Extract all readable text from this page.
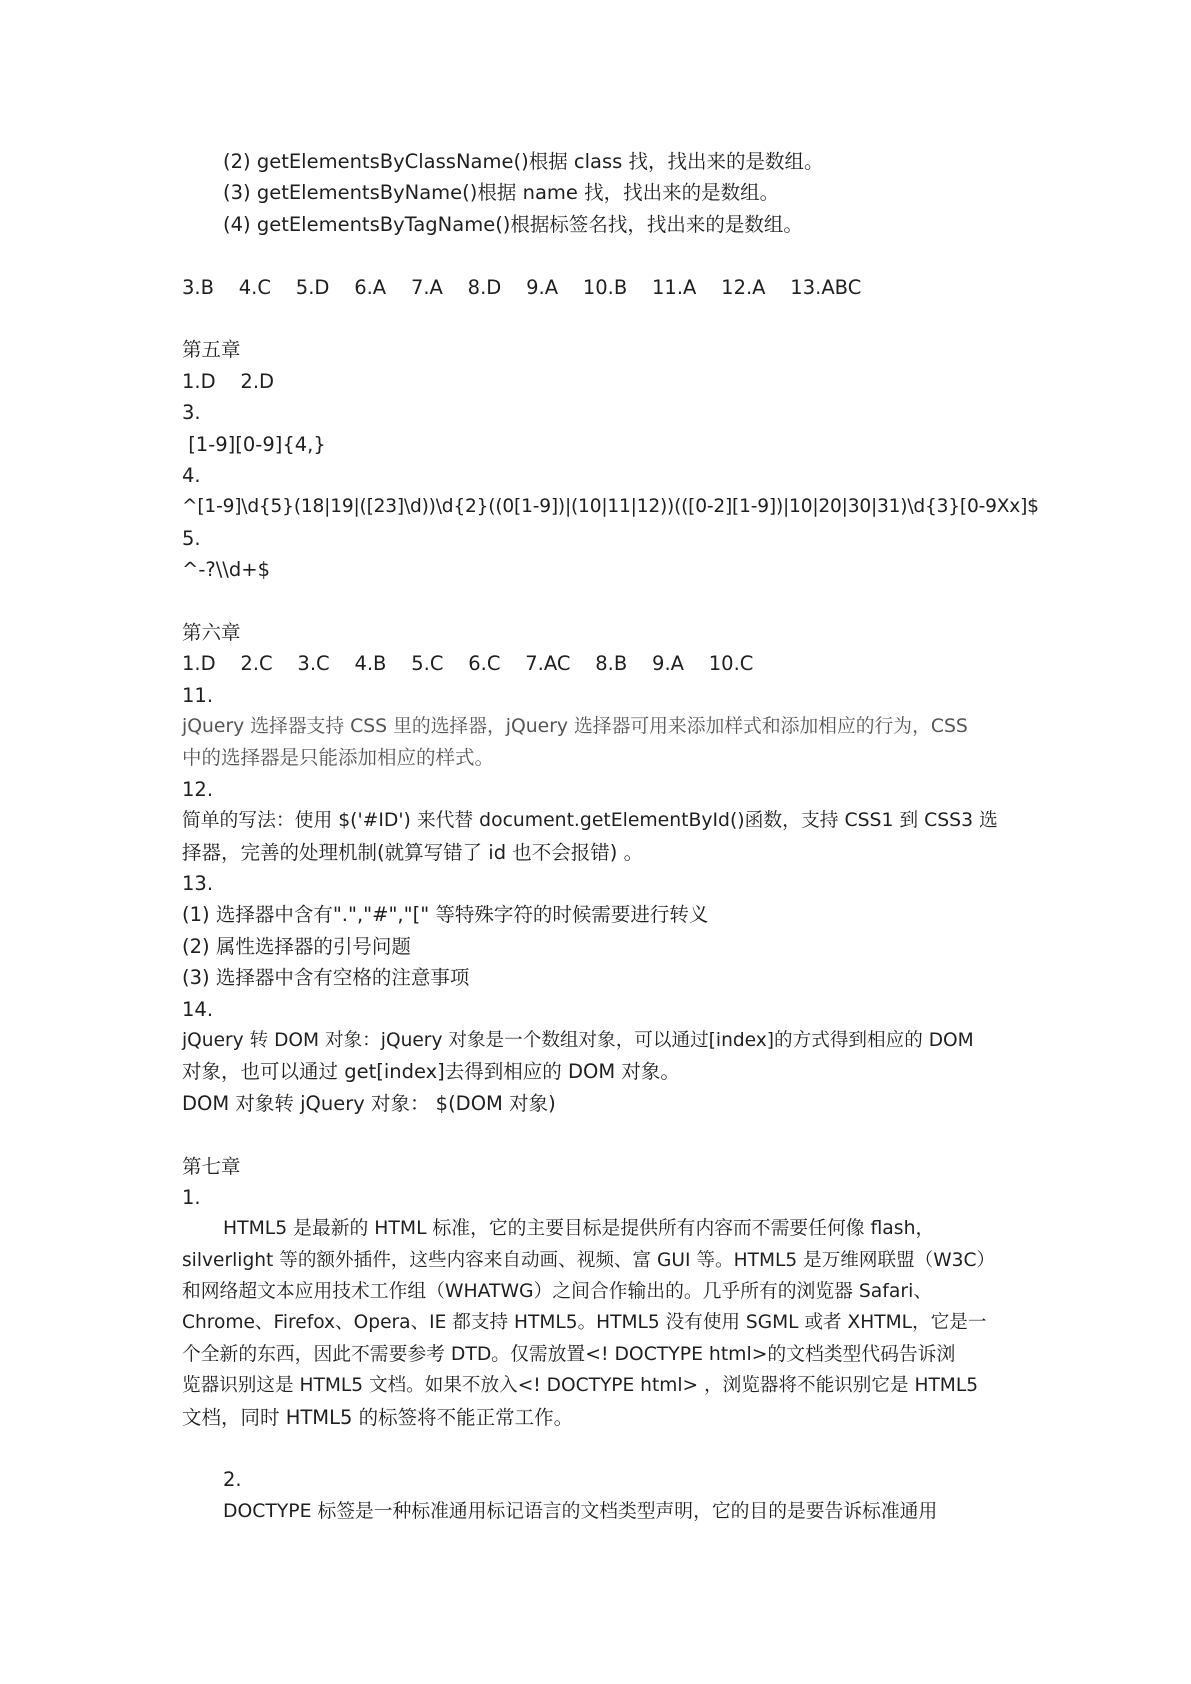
(2) getElementsByClassName()根据 class 找，找出来的是数组。
(3) getElementsByName()根据 name 找，找出来的是数组。
(4) getElementsByTagName()根据标签名找，找出来的是数组。
3.B    4.C    5.D    6.A    7.A    8.D    9.A    10.B    11.A    12.A    13.ABC
第五章
1.D    2.D
3.
[1-9][0-9]{4,}
4.
^[1-9]\d{5}(18|19|([23]\d))\d{2}((0[1-9])|(10|11|12))(([0-2][1-9])|10|20|30|31)\d{3}[0-9Xx]$
5.
^-?\\d+$
第六章
1.D    2.C    3.C    4.B    5.C    6.C    7.AC    8.B    9.A    10.C
11.
jQuery 选择器支持 CSS 里的选择器，jQuery 选择器可用来添加样式和添加相应的行为，CSS
中的选择器是只能添加相应的样式。
12.
简单的写法：使用 $('#ID') 来代替 document.getElementById()函数，支持 CSS1 到 CSS3 选
择器，完善的处理机制(就算写错了 id 也不会报错) 。
13.
(1) 选择器中含有".","#","[" 等特殊字符的时候需要进行转义
(2) 属性选择器的引号问题
(3) 选择器中含有空格的注意事项
14.
jQuery 转 DOM 对象：jQuery 对象是一个数组对象，可以通过[index]的方式得到相应的 DOM
对象，也可以通过 get[index]去得到相应的 DOM 对象。
DOM 对象转 jQuery 对象： $(DOM 对象)
第七章
1.
HTML5 是最新的 HTML 标准，它的主要目标是提供所有内容而不需要任何像 flash，
silverlight 等的额外插件，这些内容来自动画、视频、富 GUI 等。HTML5 是万维网联盟（W3C）
和网络超文本应用技术工作组（WHATWG）之间合作输出的。几乎所有的浏览器 Safari、
Chrome、Firefox、Opera、IE 都支持 HTML5。HTML5 没有使用 SGML 或者 XHTML，它是一
个全新的东西，因此不需要参考 DTD。仅需放置<! DOCTYPE html>的文档类型代码告诉浏
览器识别这是 HTML5 文档。如果不放入<! DOCTYPE html> ，浏览器将不能识别它是 HTML5
文档，同时 HTML5 的标签将不能正常工作。
2.
DOCTYPE 标签是一种标准通用标记语言的文档类型声明，它的目的是要告诉标准通用
